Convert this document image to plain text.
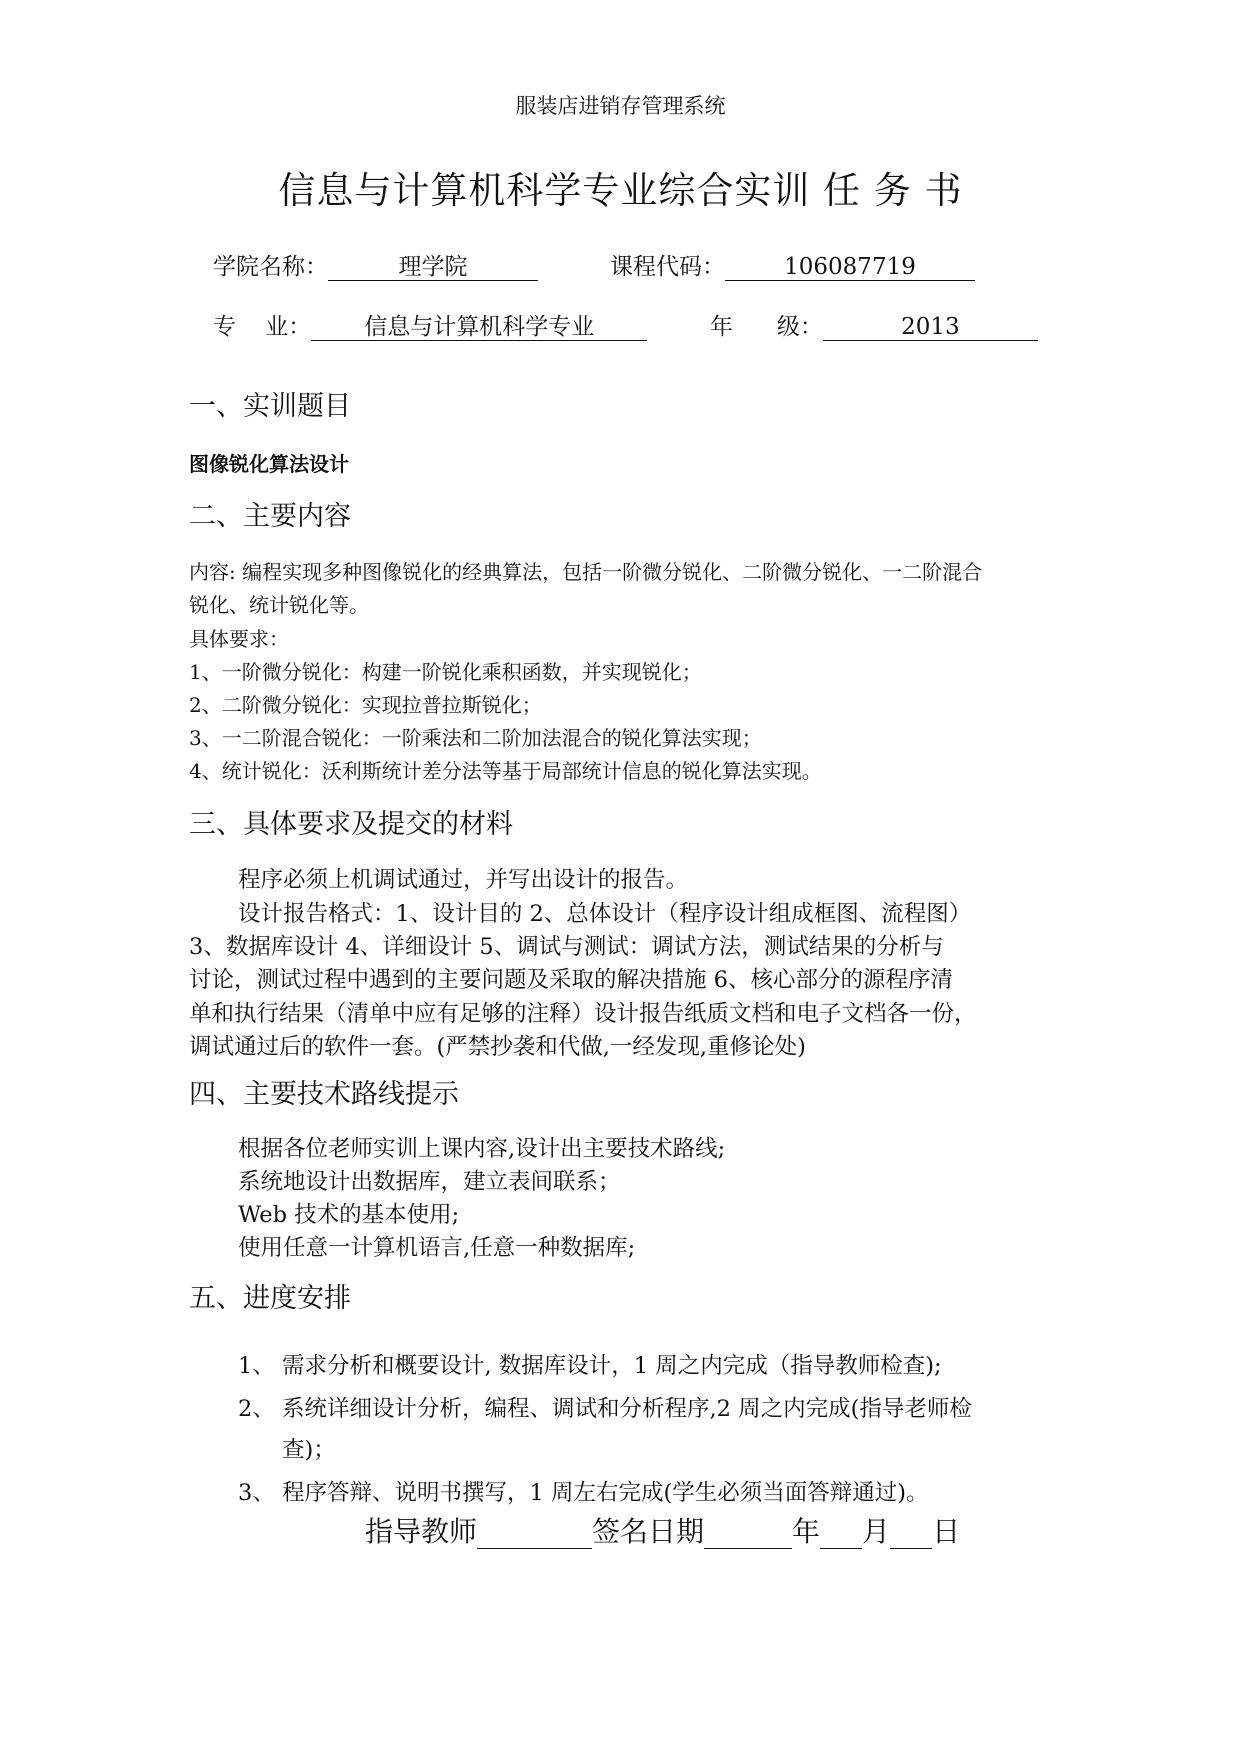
服装店进销存管理系统
信息与计算机科学专业综合实训 任 务 书
学院名称：	理学院	课程代码：	106087719
专    业： 信息与计算机科学专业	年      级：	2013
一、实训题目
图像锐化算法设计
二、主要内容
内容: 编程实现多种图像锐化的经典算法，包括一阶微分锐化、二阶微分锐化、一二阶混合
锐化、统计锐化等。
具体要求：
1、一阶微分锐化：构建一阶锐化乘积函数，并实现锐化；
2、二阶微分锐化：实现拉普拉斯锐化；
3、一二阶混合锐化：一阶乘法和二阶加法混合的锐化算法实现；
4、统计锐化：沃利斯统计差分法等基于局部统计信息的锐化算法实现。
三、具体要求及提交的材料
程序必须上机调试通过，并写出设计的报告。
设计报告格式：1、设计目的 2、总体设计（程序设计组成框图、流程图）
3、数据库设计 4、详细设计 5、调试与测试：调试方法，测试结果的分析与
讨论，测试过程中遇到的主要问题及采取的解决措施 6、核心部分的源程序清
单和执行结果（清单中应有足够的注释）设计报告纸质文档和电子文档各一份，
调试通过后的软件一套。(严禁抄袭和代做,一经发现,重修论处)
四、主要技术路线提示
根据各位老师实训上课内容,设计出主要技术路线;
系统地设计出数据库，建立表间联系；
Web 技术的基本使用;
使用任意一计算机语言,任意一种数据库;
五、进度安排
1、 需求分析和概要设计, 数据库设计，1 周之内完成（指导教师检查);
2、 系统详细设计分析，编程、调试和分析程序,2 周之内完成(指导老师检
查)；
3、 程序答辩、说明书撰写，1 周左右完成(学生必须当面答辩通过)。
指导教师	签名日期	年 月 日
